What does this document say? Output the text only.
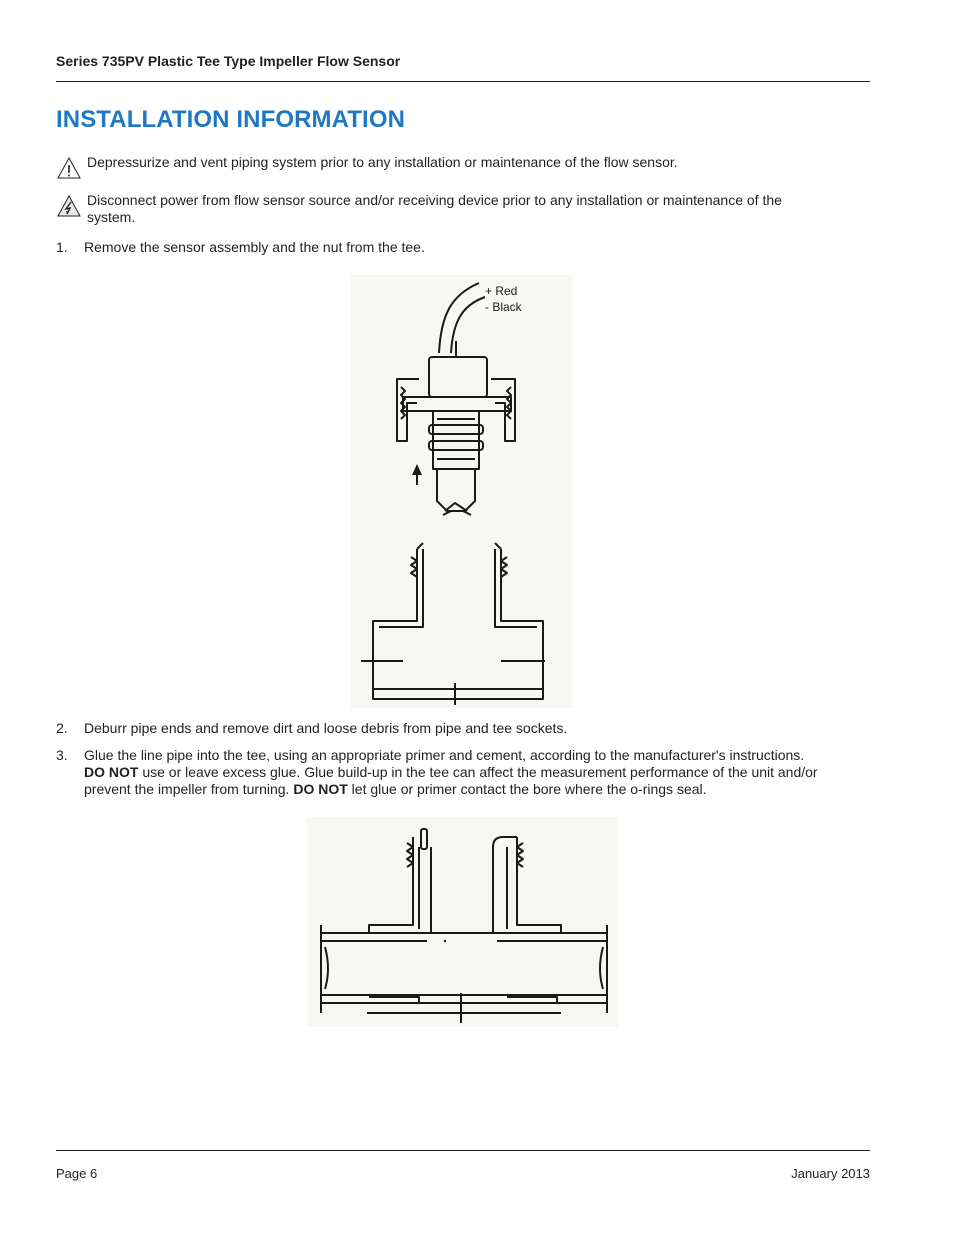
Series 735PV Plastic Tee Type Impeller Flow Sensor
INSTALLATION INFORMATION
Depressurize and vent piping system prior to any installation or maintenance of the flow sensor.
Disconnect power from flow sensor source and/or receiving device prior to any installation or maintenance of the system.
1. Remove the sensor assembly and the nut from the tee.
+ Red
- Black
2. Deburr pipe ends and remove dirt and loose debris from pipe and tee sockets.
3. Glue the line pipe into the tee, using an appropriate primer and cement, according to the manufacturer's instructions.
DO NOT use or leave excess glue. Glue build-up in the tee can affect the measurement performance of the unit and/or prevent the impeller from turning. DO NOT let glue or primer contact the bore where the o-rings seal.
Page 6	January 2013
